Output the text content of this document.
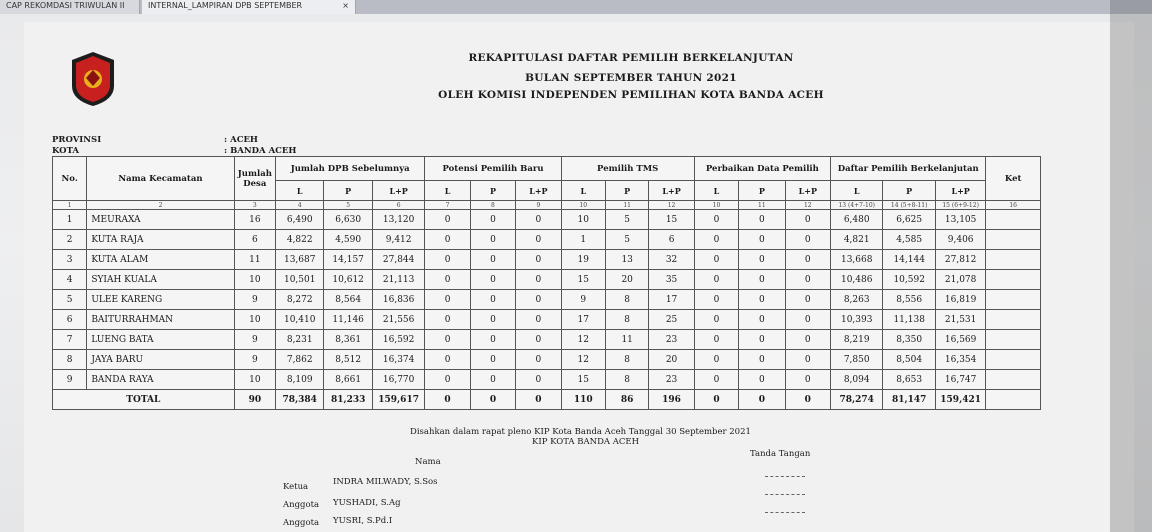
CAP REKOMDASI TRIWULAN II	INTERNAL_LAMPIRAN DPB SEPTEMBER	×
REKAPITULASI DAFTAR PEMILIH BERKELANJUTAN
BULAN SEPTEMBER TAHUN 2021
OLEH KOMISI INDEPENDEN PEMILIHAN KOTA BANDA ACEH
PROVINSI	: ACEH
KOTA	: BANDA ACEH
No.	Nama Kecamatan	Jumlah Desa	Jumlah DPB Sebelumnya			Potensi Pemilih Baru			Pemilih TMS			Perbaikan Data Pemilih			Daftar Pemilih Berkelanjutan			Ket
			L	P	L+P	L	P	L+P	L	P	L+P	L	P	L+P	L	P	L+P	
1	2	3	4	5	6	7	8	9	10	11	12	10	11	12	13 (4+7-10)	14 (5+8-11)	15 (6+9-12)	16
1	MEURAXA	16	6,490	6,630	13,120	0	0	0	10	5	15	0	0	0	6,480	6,625	13,105	
2	KUTA RAJA	6	4,822	4,590	9,412	0	0	0	1	5	6	0	0	0	4,821	4,585	9,406	
3	KUTA ALAM	11	13,687	14,157	27,844	0	0	0	19	13	32	0	0	0	13,668	14,144	27,812	
4	SYIAH KUALA	10	10,501	10,612	21,113	0	0	0	15	20	35	0	0	0	10,486	10,592	21,078	
5	ULEE KARENG	9	8,272	8,564	16,836	0	0	0	9	8	17	0	0	0	8,263	8,556	16,819	
6	BAITURRAHMAN	10	10,410	11,146	21,556	0	0	0	17	8	25	0	0	0	10,393	11,138	21,531	
7	LUENG BATA	9	8,231	8,361	16,592	0	0	0	12	11	23	0	0	0	8,219	8,350	16,569	
8	JAYA BARU	9	7,862	8,512	16,374	0	0	0	12	8	20	0	0	0	7,850	8,504	16,354	
9	BANDA RAYA	10	8,109	8,661	16,770	0	0	0	15	8	23	0	0	0	8,094	8,653	16,747	
TOTAL		90	78,384	81,233	159,617	0	0	0	110	86	196	0	0	0	78,274	81,147	159,421	
Disahkan dalam rapat pleno KIP Kota Banda Aceh Tanggal 30 September 2021
KIP KOTA BANDA ACEH
Nama
Tanda Tangan
Ketua	INDRA MILWADY, S.Sos
Anggota YUSHADI, S.Ag
Anggota YUSRI, S.Pd.I
